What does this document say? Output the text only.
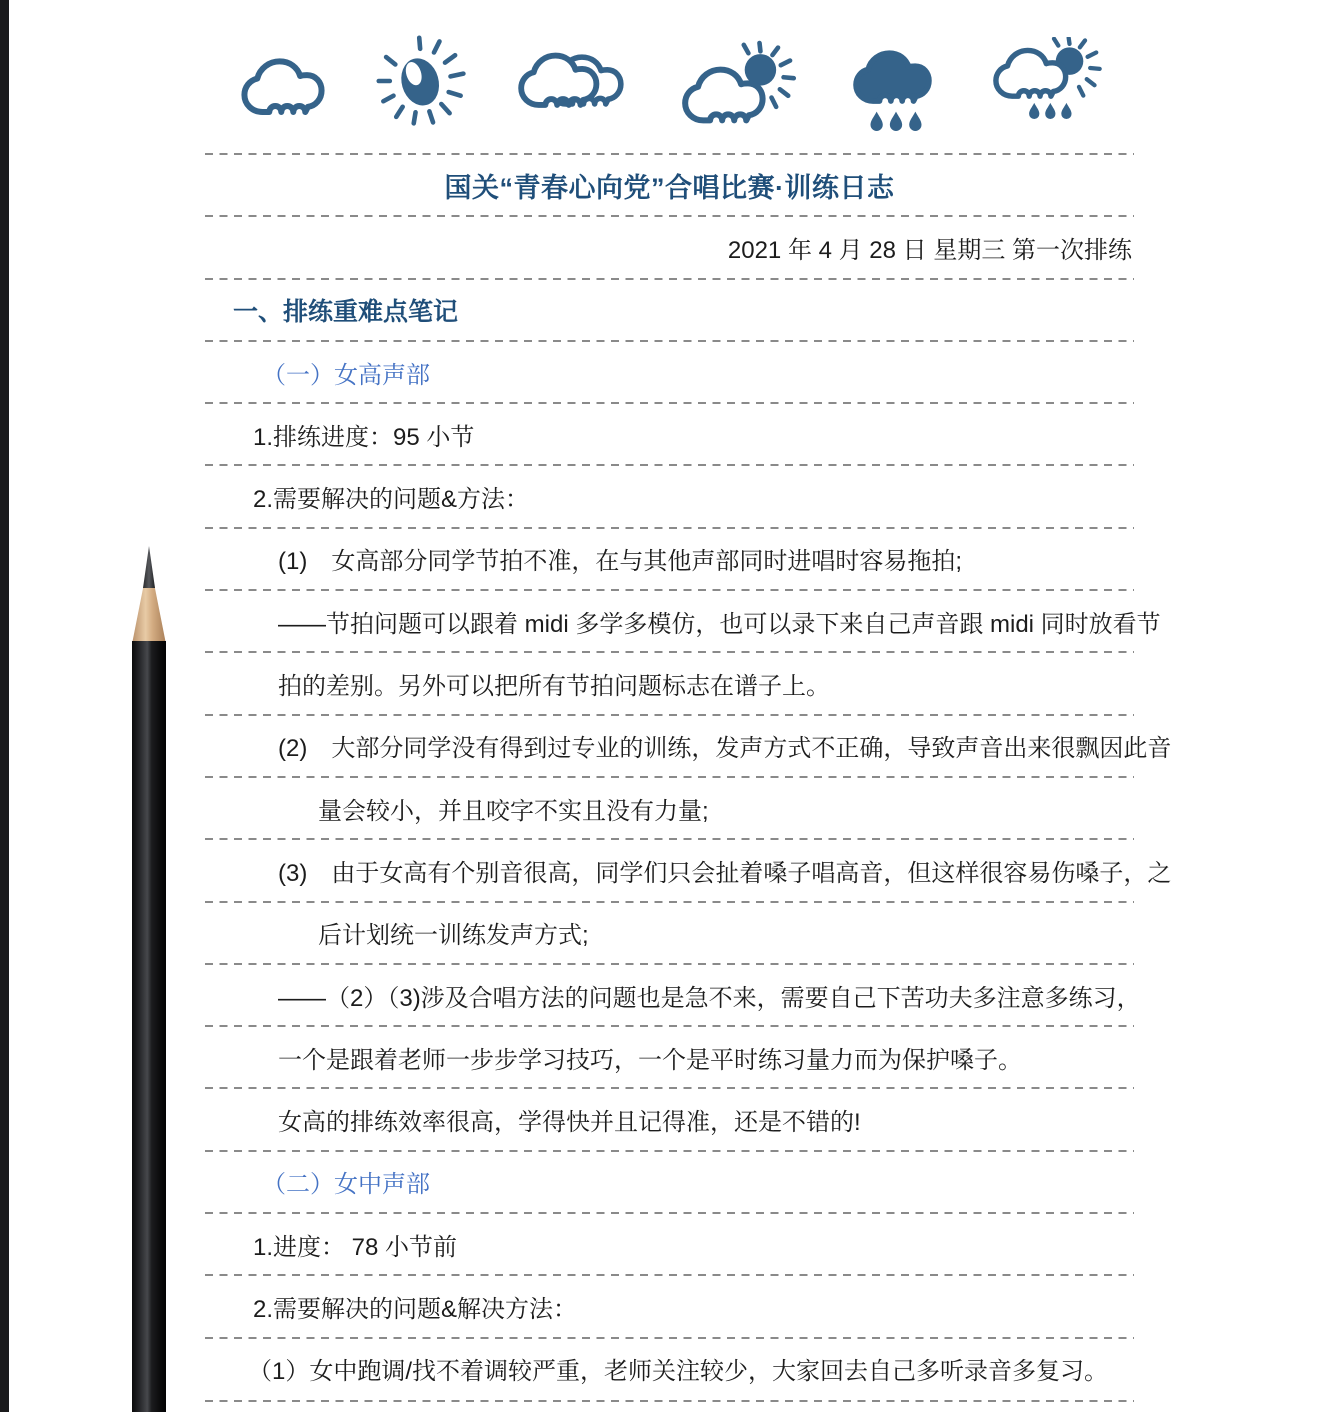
国关“青春心向党”合唱比赛·训练日志
2021 年 4 月 28 日 星期三 第一次排练
一、排练重难点笔记
（一）女高声部
1.排练进度：95 小节
2.需要解决的问题&方法：
(1)　女高部分同学节拍不准，在与其他声部同时进唱时容易拖拍;
——节拍问题可以跟着 midi 多学多模仿，也可以录下来自己声音跟 midi 同时放看节
拍的差别。另外可以把所有节拍问题标志在谱子上。
(2)　大部分同学没有得到过专业的训练，发声方式不正确，导致声音出来很飘因此音
量会较小，并且咬字不实且没有力量;
(3)　由于女高有个别音很高，同学们只会扯着嗓子唱高音，但这样很容易伤嗓子，之
后计划统一训练发声方式;
——（2）（3)涉及合唱方法的问题也是急不来，需要自己下苦功夫多注意多练习，
一个是跟着老师一步步学习技巧，一个是平时练习量力而为保护嗓子。
女高的排练效率很高，学得快并且记得准，还是不错的!
（二）女中声部
1.进度： 78 小节前
2.需要解决的问题&解决方法：
（1）女中跑调/找不着调较严重，老师关注较少，大家回去自己多听录音多复习。
